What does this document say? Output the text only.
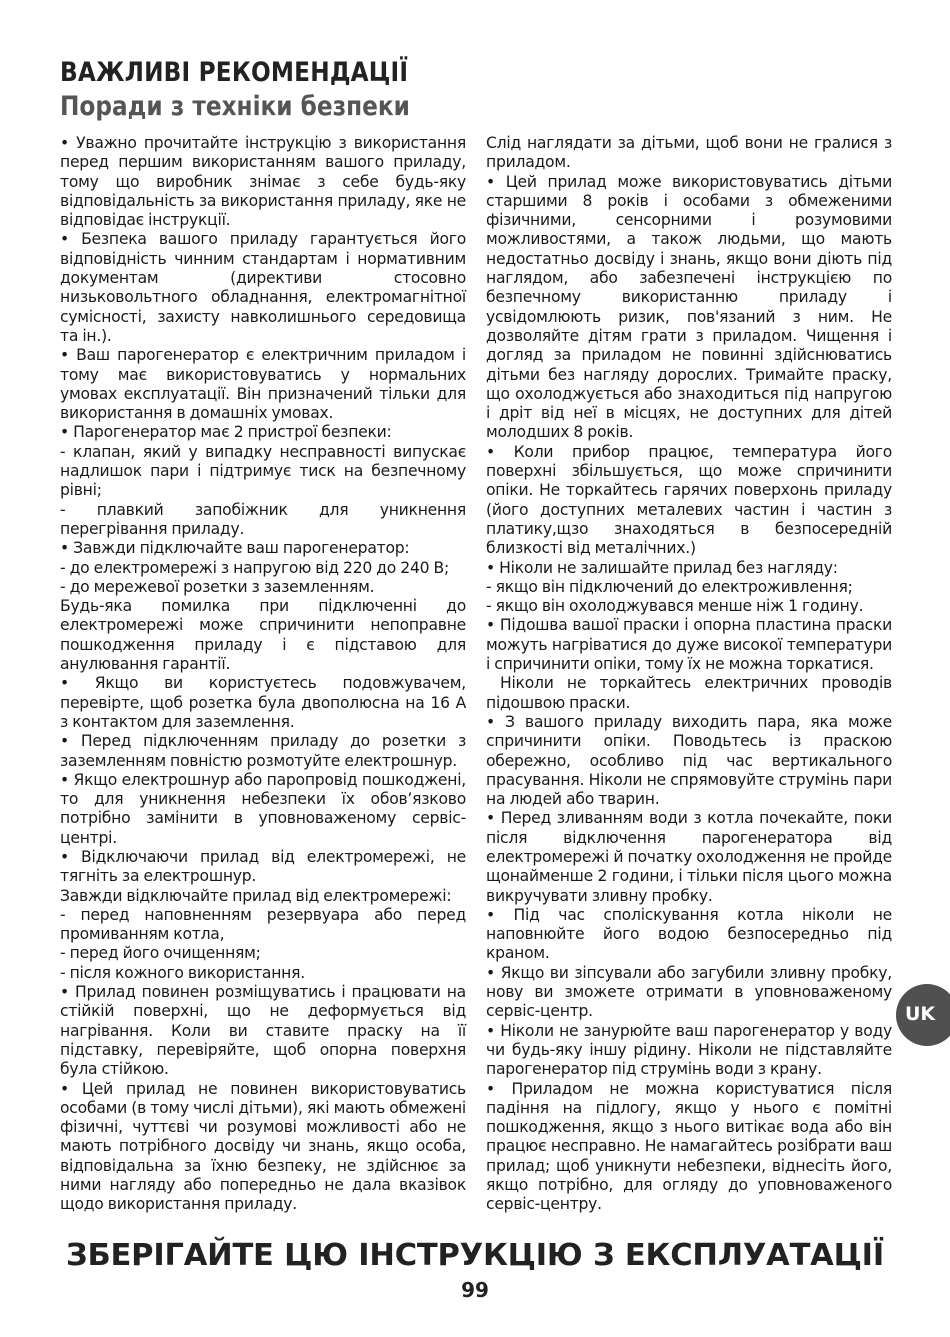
ВАЖЛИВІ РЕКОМЕНДАЦІЇ
Поради з техніки безпеки

• Уважно прочитайте інструкцію з використання перед першим використанням вашого приладу, тому що виробник знімає з себе будь-яку відповідальність за використання приладу, яке не відповідає інструкції.

• Безпека вашого приладу гарантується його відповідність чинним стандартам і нормативним документам (директиви стосовно низьковольтного обладнання, електромагнітної сумісності, захисту навколишнього середовища та ін.).

• Ваш парогенератор є електричним приладом і тому має використовуватись у нормальних умовах експлуатації. Він призначений тільки для використання в домашніх умовах.

• Парогенератор має 2 пристрої безпеки:

- клапан, який у випадку несправності випускає надлишок пари і підтримує тиск на безпечному рівні;

- плавкий запобіжник для уникнення перегрівання приладу.

• Завжди підключайте ваш парогенератор:

- до електромережі з напругою від 220 до 240 В;

- до мережевої розетки з заземленням.

Будь-яка помилка при підключенні до електромережі може спричинити непоправне пошкодження приладу і є підставою для анулювання гарантії.

• Якщо ви користуєтесь подовжувачем, перевірте, щоб розетка була двополюсна на 16 А з контактом для заземлення.

• Перед підключенням приладу до розетки з заземленням повністю розмотуйте електрошнур.

• Якщо електрошнур або паропровід пошкоджені, то для уникнення небезпеки їх обов’язково потрібно замінити в уповноваженому сервіс-центрі.

• Відключаючи прилад від електромережі, не тягніть за електрошнур.

Завжди відключайте прилад від електромережі:

- перед наповненням резервуара або перед промиванням котла,

- перед його очищенням;

- після кожного використання.

• Прилад повинен розміщуватись і працювати на стійкій поверхні, що не деформується від нагрівання. Коли ви ставите праску на її підставку, перевіряйте, щоб опорна поверхня була стійкою.

• Цей прилад не повинен використовуватись особами (в тому числі дітьми), які мають обмежені фізичні, чуттєві чи розумові можливості або не мають потрібного досвіду чи знань, якщо особа, відповідальна за їхню безпеку, не здійснює за ними нагляду або попередньо не дала вказівок щодо використання приладу.

Слід наглядати за дітьми, щоб вони не гралися з приладом.

• Цей прилад може використовуватись дітьми старшими 8 років і особами з обмеженими фізичними, сенсорними і розумовими можливостями, а також людьми, що мають недостатньо досвіду і знань, якщо вони діють під наглядом, або забезпечені інструкцією по безпечному використанню приладу і усвідомлюють ризик, пов'язаний з ним. Не дозволяйте дітям грати з приладом. Чищення і догляд за приладом не повинні здійснюватись дітьми без нагляду дорослих. Тримайте праску, що охолоджується або знаходиться під напругою і дріт від неї в місцях, не доступних для дітей молодших 8 років.

• Коли прибор працює, температура його поверхні збільшується, що може спричинити опіки. Не торкайтесь гарячих поверхонь приладу (його доступних металевих частин і частин з платику,щзо знаходяться в безпосередній близкості від металічних.)

• Ніколи не залишайте прилад без нагляду:

- якщо він підключений до електроживлення;

- якщо він охолоджувався менше ніж 1 годину.

• Підошва вашої праски і опорна пластина праски можуть нагріватися до дуже високої температури і спричинити опіки, тому їх не можна торкатися.

Ніколи не торкайтесь електричних проводів підошвою праски.

• З вашого приладу виходить пара, яка може спричинити опіки. Поводьтесь із праскою обережно, особливо під час вертикального прасування. Ніколи не спрямовуйте струмінь пари на людей або тварин.

• Перед зливанням води з котла почекайте, поки після відключення парогенератора від електромережі й початку охолодження не пройде щонайменше 2 години, і тільки після цього можна викручувати зливну пробку.

• Під час споліскування котла ніколи не наповнюйте його водою безпосередньо під краном.

• Якщо ви зіпсували або загубили зливну пробку, нову ви зможете отримати в уповноваженому сервіс-центр.

• Ніколи не занурюйте ваш парогенератор у воду чи будь-яку іншу рідину. Ніколи не підставляйте парогенератор під струмінь води з крану.

• Приладом не можна користуватися після падіння на підлогу, якщо у нього є помітні пошкодження, якщо з нього витікає вода або він працює несправно. Не намагайтесь розібрати ваш прилад; щоб уникнути небезпеки, віднесіть його, якщо потрібно, для огляду до уповноваженого сервіс-центру.

UK
ЗБЕРІГАЙТЕ ЦЮ ІНСТРУКЦІЮ З ЕКСПЛУАТАЦІЇ
99
